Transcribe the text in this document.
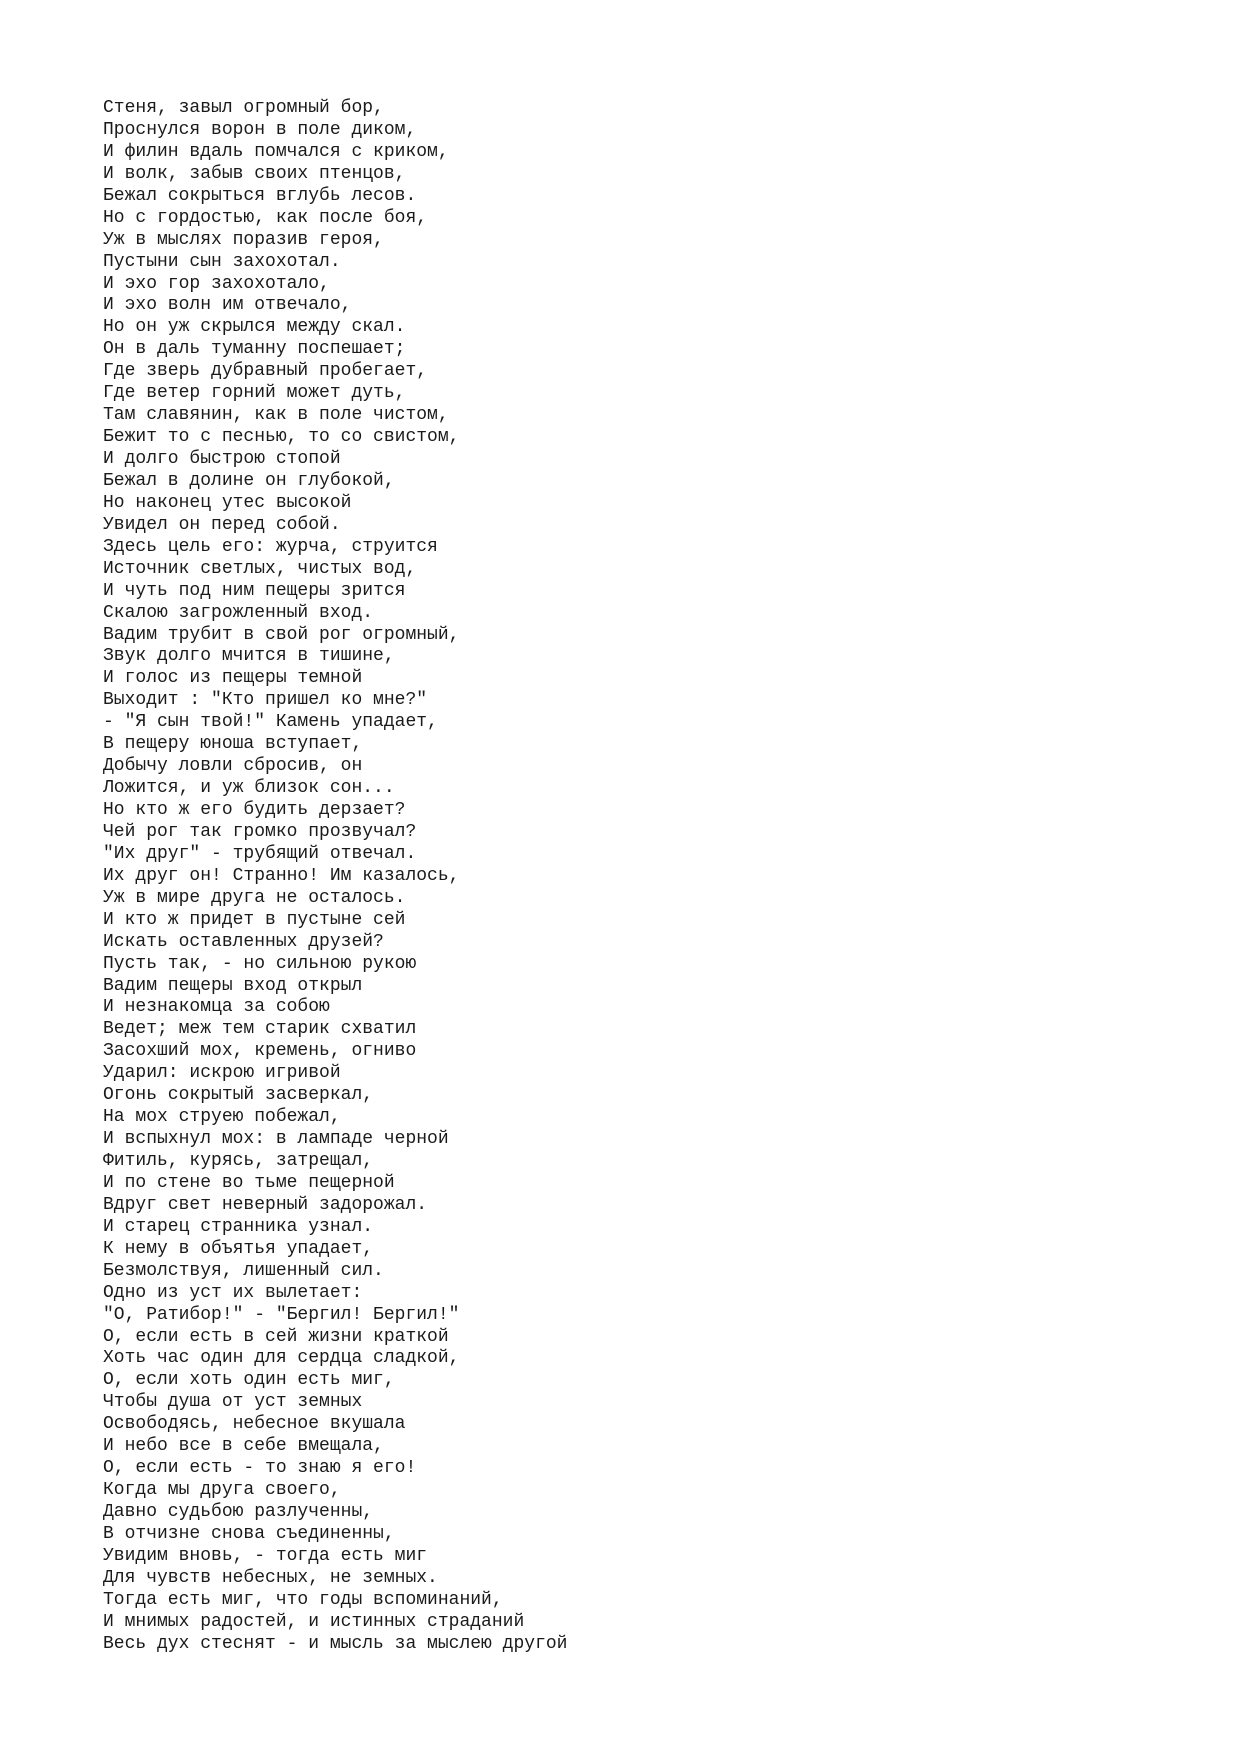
Стеня, завыл огромный бор,
Проснулся ворон в поле диком,
И филин вдаль помчался с криком,
И волк, забыв своих птенцов,
Бежал сокрыться вглубь лесов.
Но с гордостью, как после боя,
Уж в мыслях поразив героя,
Пустыни сын захохотал.
И эхо гор захохотало,
И эхо волн им отвечало,
Но он уж скрылся между скал.
Он в даль туманну поспешает;
Где зверь дубравный пробегает,
Где ветер горний может дуть,
Там славянин, как в поле чистом,
Бежит то с песнью, то со свистом,
И долго быстрою стопой
Бежал в долине он глубокой,
Но наконец утес высокой
Увидел он перед собой.
Здесь цель его: журча, струится
Источник светлых, чистых вод,
И чуть под ним пещеры зрится
Скалою загрожленный вход.
Вадим трубит в свой рог огромный,
Звук долго мчится в тишине,
И голос из пещеры темной
Выходит : "Кто пришел ко мне?"
- "Я сын твой!" Камень упадает,
В пещеру юноша вступает,
Добычу ловли сбросив, он
Ложится, и уж близок сон...
Но кто ж его будить дерзает?
Чей рог так громко прозвучал?
"Их друг" - трубящий отвечал.
Их друг он! Странно! Им казалось,
Уж в мире друга не осталось.
И кто ж придет в пустыне сей
Искать оставленных друзей?
Пусть так, - но сильною рукою
Вадим пещеры вход открыл
И незнакомца за собою
Ведет; меж тем старик схватил
Засохший мох, кремень, огниво
Ударил: искрою игривой
Огонь сокрытый засверкал,
На мох струею побежал,
И вспыхнул мох: в лампаде черной
Фитиль, курясь, затрещал,
И по стене во тьме пещерной
Вдруг свет неверный задорожал.
И старец странника узнал.
К нему в объятья упадает,
Безмолствуя, лишенный сил.
Одно из уст их вылетает:
"О, Ратибор!" - "Бергил! Бергил!"
О, если есть в сей жизни краткой
Хоть час один для сердца сладкой,
О, если хоть один есть миг,
Чтобы душа от уст земных
Освободясь, небесное вкушала
И небо все в себе вмещала,
О, если есть - то знаю я его!
Когда мы друга своего,
Давно судьбою разлученны,
В отчизне снова съединенны,
Увидим вновь, - тогда есть миг
Для чувств небесных, не земных.
Тогда есть миг, что годы вспоминаний,
И мнимых радостей, и истинных страданий
Весь дух стеснят - и мысль за мыслею другой
